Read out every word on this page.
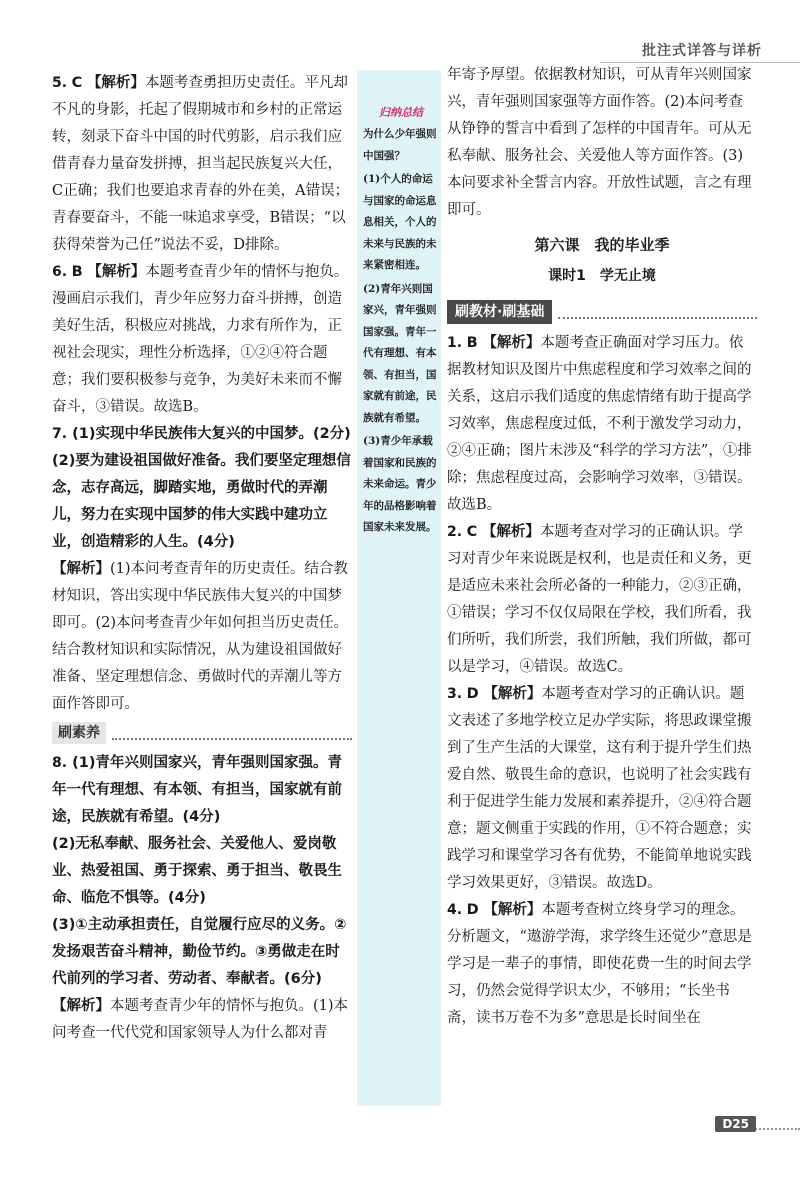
批注式详答与详析

5. C 【解析】本题考查勇担历史责任。平凡却不凡的身影，托起了假期城市和乡村的正常运转，刻录下奋斗中国的时代剪影，启示我们应借青春力量奋发拼搏，担当起民族复兴大任，C正确；我们也要追求青春的外在美，A错误；青春要奋斗，不能一味追求享受，B错误；“以获得荣誉为己任”说法不妥，D排除。

6. B 【解析】本题考查青少年的情怀与抱负。漫画启示我们，青少年应努力奋斗拼搏，创造美好生活，积极应对挑战，力求有所作为，正视社会现实，理性分析选择，①②④符合题意；我们要积极参与竞争，为美好未来而不懈奋斗，③错误。故选B。

7. (1)实现中华民族伟大复兴的中国梦。(2分)

(2)要为建设祖国做好准备。我们要坚定理想信念，志存高远，脚踏实地，勇做时代的弄潮儿，努力在实现中国梦的伟大实践中建功立业，创造精彩的人生。(4分)

【解析】(1)本问考查青年的历史责任。结合教材知识，答出实现中华民族伟大复兴的中国梦即可。(2)本问考查青少年如何担当历史责任。结合教材知识和实际情况，从为建设祖国做好准备、坚定理想信念、勇做时代的弄潮儿等方面作答即可。

刷素养

8. (1)青年兴则国家兴，青年强则国家强。青年一代有理想、有本领、有担当，国家就有前途，民族就有希望。(4分)

(2)无私奉献、服务社会、关爱他人、爱岗敬业、热爱祖国、勇于探索、勇于担当、敬畏生命、临危不惧等。(4分)

(3)①主动承担责任，自觉履行应尽的义务。②发扬艰苦奋斗精神，勤俭节约。③勇做走在时代前列的学习者、劳动者、奉献者。(6分)

【解析】本题考查青少年的情怀与抱负。(1)本问考查一代代党和国家领导人为什么都对青

归纳总结

为什么少年强则中国强？

(1)个人的命运与国家的命运息息相关，个人的未来与民族的未来紧密相连。

(2)青年兴则国家兴，青年强则国家强。青年一代有理想、有本领、有担当，国家就有前途，民族就有希望。

(3)青少年承载着国家和民族的未来命运。青少年的品格影响着国家未来发展。

年寄予厚望。依据教材知识，可从青年兴则国家兴，青年强则国家强等方面作答。(2)本问考查从铮铮的誓言中看到了怎样的中国青年。可从无私奉献、服务社会、关爱他人等方面作答。(3)本问要求补全誓言内容。开放性试题，言之有理即可。

第六课　我的毕业季
课时1　学无止境
刷教材·刷基础

1. B 【解析】本题考查正确面对学习压力。依据教材知识及图片中焦虑程度和学习效率之间的关系，这启示我们适度的焦虑情绪有助于提高学习效率，焦虑程度过低，不利于激发学习动力，②④正确；图片未涉及“科学的学习方法”，①排除；焦虑程度过高，会影响学习效率，③错误。故选B。

2. C 【解析】本题考查对学习的正确认识。学习对青少年来说既是权利，也是责任和义务，更是适应未来社会所必备的一种能力，②③正确，①错误；学习不仅仅局限在学校，我们所看，我们所听，我们所尝，我们所触，我们所做，都可以是学习，④错误。故选C。

3. D 【解析】本题考查对学习的正确认识。题文表述了多地学校立足办学实际，将思政课堂搬到了生产生活的大课堂，这有利于提升学生们热爱自然、敬畏生命的意识，也说明了社会实践有利于促进学生能力发展和素养提升，②④符合题意；题文侧重于实践的作用，①不符合题意；实践学习和课堂学习各有优势，不能简单地说实践学习效果更好，③错误。故选D。

4. D 【解析】本题考查树立终身学习的理念。分析题文，“遨游学海，求学终生还觉少”意思是学习是一辈子的事情，即使花费一生的时间去学习，仍然会觉得学识太少，不够用；“长坐书斋，读书万卷不为多”意思是长时间坐在

D25
